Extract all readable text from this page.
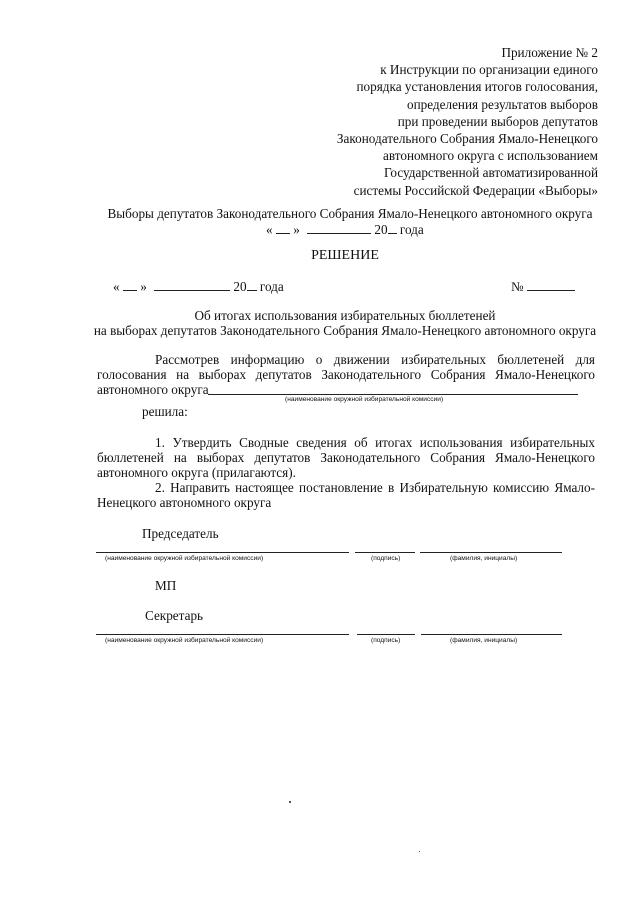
Приложение № 2
к Инструкции по организации единого
порядка установления итогов голосования,
определения результатов выборов
при проведении выборов депутатов
Законодательного Собрания Ямало-Ненецкого
автономного округа с использованием
Государственной автоматизированной
системы Российской Федерации «Выборы»
Выборы депутатов Законодательного Собрания Ямало-Ненецкого автономного округа
« »	20 года
РЕШЕНИЕ
« »	20 года	№
Об итогах использования избирательных бюллетеней
на выборах депутатов Законодательного Собрания Ямало-Ненецкого автономного округа
Рассмотрев информацию о движении избирательных бюллетеней для
голосования на выборах депутатов Законодательного Собрания Ямало-Ненецкого
автономного округа
(наименование окружной избирательной комиссии)
решила:
1. Утвердить Сводные сведения об итогах использования избирательных
бюллетеней на выборах депутатов Законодательного Собрания Ямало-Ненецкого
автономного округа (прилагаются).
2. Направить настоящее постановление в Избирательную комиссию Ямало-
Ненецкого автономного округа
Председатель
(наименование окружной избирательной комиссии)	(подпись)	(фамилия, инициалы)
МП
Секретарь
(наименование окружной избирательной комиссии)	(подпись)	(фамилия, инициалы)
